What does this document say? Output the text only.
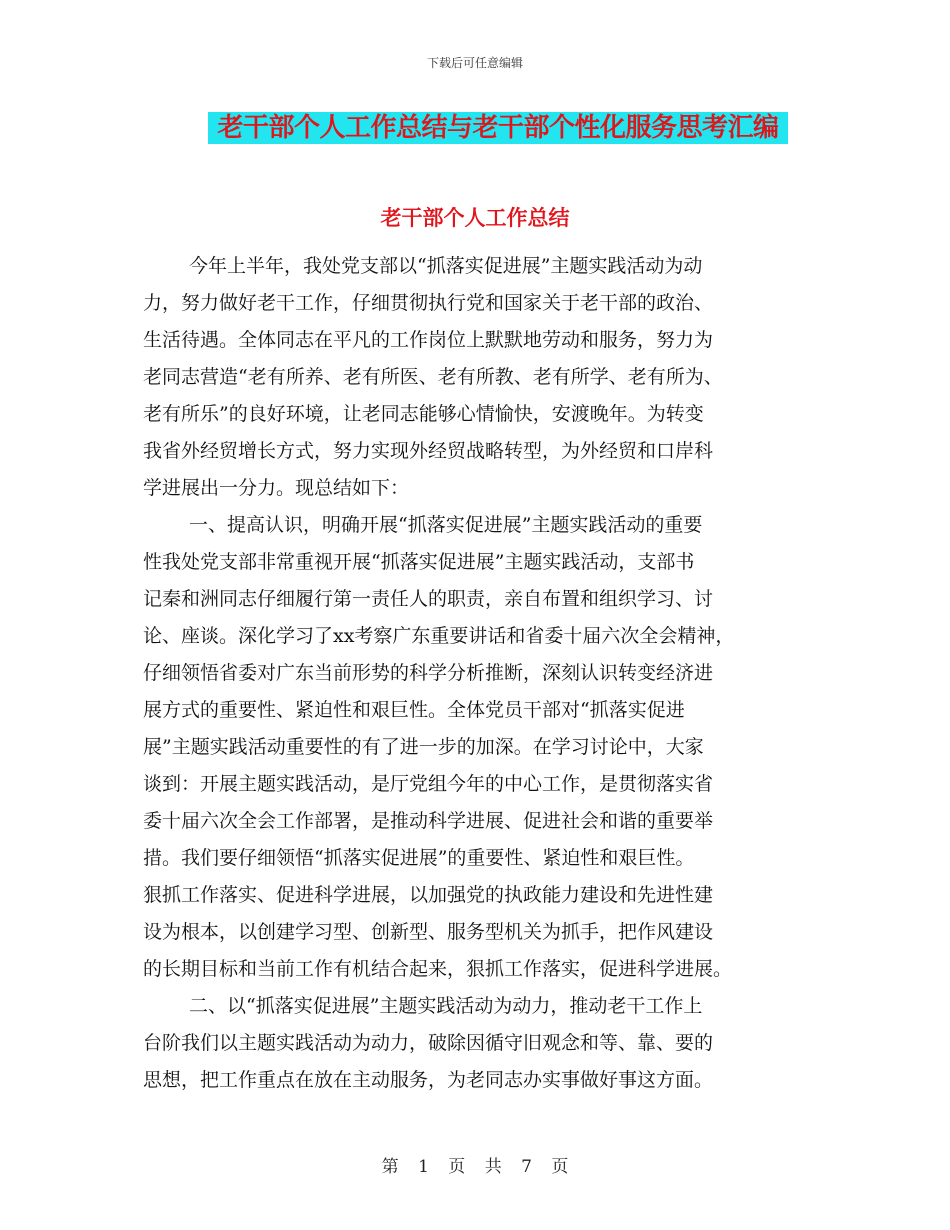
下载后可任意编辑
老干部个人工作总结与老干部个性化服务思考汇编
老干部个人工作总结
今年上半年，我处党支部以“抓落实促进展”主题实践活动为动
力，努力做好老干工作，仔细贯彻执行党和国家关于老干部的政治、
生活待遇。全体同志在平凡的工作岗位上默默地劳动和服务，努力为
老同志营造“老有所养、老有所医、老有所教、老有所学、老有所为、
老有所乐”的良好环境，让老同志能够心情愉快，安渡晚年。为转变
我省外经贸增长方式，努力实现外经贸战略转型，为外经贸和口岸科
学进展出一分力。现总结如下：
一、提高认识，明确开展“抓落实促进展”主题实践活动的重要
性我处党支部非常重视开展“抓落实促进展”主题实践活动，支部书
记秦和洲同志仔细履行第一责任人的职责，亲自布置和组织学习、讨
论、座谈。深化学习了xx考察广东重要讲话和省委十届六次全会精神，
仔细领悟省委对广东当前形势的科学分析推断，深刻认识转变经济进
展方式的重要性、紧迫性和艰巨性。全体党员干部对“抓落实促进
展”主题实践活动重要性的有了进一步的加深。在学习讨论中，大家
谈到：开展主题实践活动，是厅党组今年的中心工作，是贯彻落实省
委十届六次全会工作部署，是推动科学进展、促进社会和谐的重要举
措。我们要仔细领悟“抓落实促进展”的重要性、紧迫性和艰巨性。
狠抓工作落实、促进科学进展，以加强党的执政能力建设和先进性建
设为根本，以创建学习型、创新型、服务型机关为抓手，把作风建设
的长期目标和当前工作有机结合起来，狠抓工作落实，促进科学进展。
二、以“抓落实促进展”主题实践活动为动力，推动老干工作上
台阶我们以主题实践活动为动力，破除因循守旧观念和等、靠、要的
思想，把工作重点在放在主动服务，为老同志办实事做好事这方面。
第 1 页 共 7 页
